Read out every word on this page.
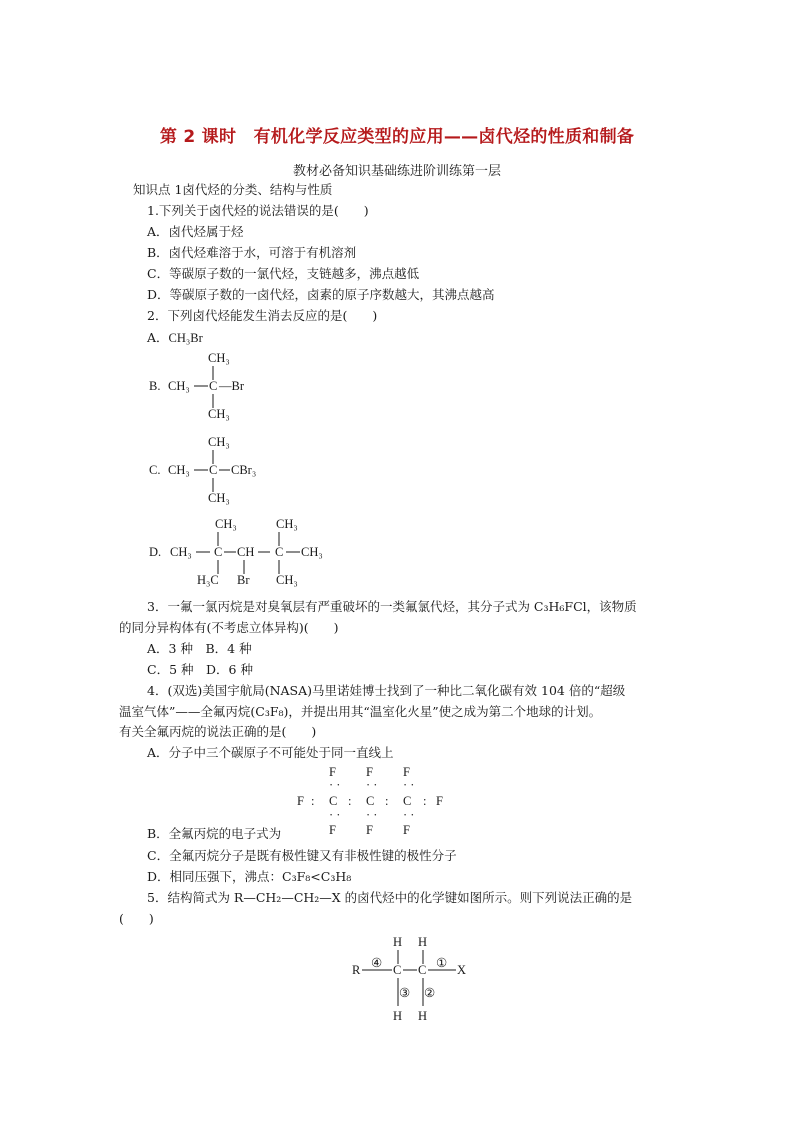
第 2 课时　有机化学反应类型的应用——卤代烃的性质和制备
教材必备知识基础练进阶训练第一层
知识点 1卤代烃的分类、结构与性质
1.下列关于卤代烃的说法错误的是(　　)
A．卤代烃属于烃
B．卤代烃难溶于水，可溶于有机溶剂
C．等碳原子数的一氯代烃，支链越多，沸点越低
D．等碳原子数的一卤代烃，卤素的原子序数越大，其沸点越高
2．下列卤代烃能发生消去反应的是(　　)
A．CH₃Br
B.
CH₃
CH₃ C —Br
CH₃
C.
CH₃
CH₃ C CBr₃
CH₃
D. CH₃
CH₃
C
H₃C
CH
Br
CH₃
C
CH₃
CH₃
3．一氟一氯丙烷是对臭氧层有严重破坏的一类氟氯代烃，其分子式为 C₃H₆FCl，该物质
的同分异构体有(不考虑立体异构)(　　)
A．3 种　B．4 种
C．5 种　D．6 种
4．(双选)美国宇航局(NASA)马里诺娃博士找到了一种比二氧化碳有效 104 倍的“超级
温室气体”——全氟丙烷(C₃F₈)，并提出用其“温室化火星”使之成为第二个地球的计划。
有关全氟丙烷的说法正确的是(　　)
A．分子中三个碳原子不可能处于同一直线上
F F F
· · · · · ·
F : C : C : C : F
· · · · · ·
F F F
B．全氟丙烷的电子式为
C．全氟丙烷分子是既有极性键又有非极性键的极性分子
D．相同压强下，沸点：C₃F₈<C₃H₈
5．结构简式为 R—CH₂—CH₂—X 的卤代烃中的化学键如图所示。则下列说法正确的是
(　　)
H H
R ④ C C ① X
③ ②
H H
